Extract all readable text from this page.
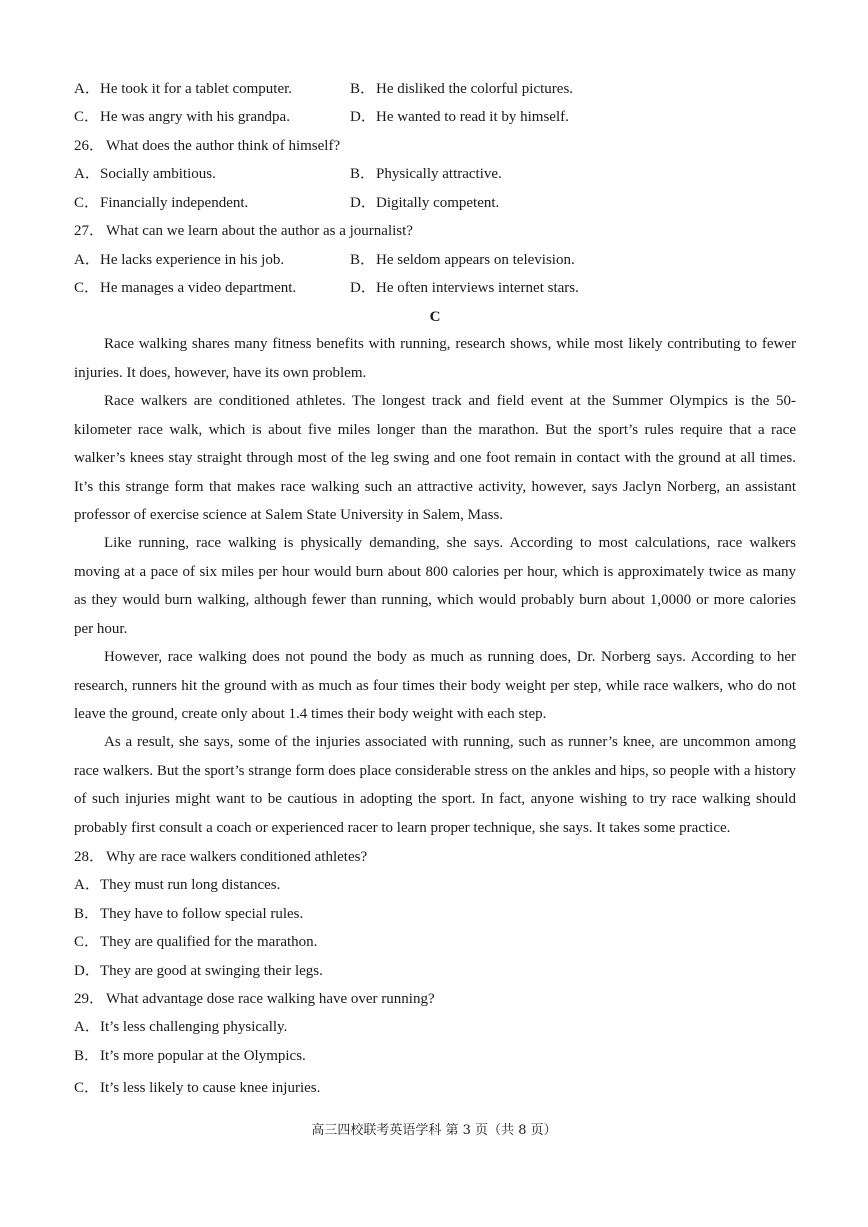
A．He took it for a tablet computer.	B．He disliked the colorful pictures.
C．He was angry with his grandpa.	D．He wanted to read it by himself.
26． What does the author think of himself?
A．Socially ambitious.	B．Physically attractive.
C．Financially independent.	D．Digitally competent.
27． What can we learn about the author as a journalist?
A．He lacks experience in his job.	B．He seldom appears on television.
C．He manages a video department.	D．He often interviews internet stars.
C
Race walking shares many fitness benefits with running, research shows, while most likely contributing to fewer injuries. It does, however, have its own problem.
Race walkers are conditioned athletes. The longest track and field event at the Summer Olympics is the 50-kilometer race walk, which is about five miles longer than the marathon. But the sport’s rules require that a race walker’s knees stay straight through most of the leg swing and one foot remain in contact with the ground at all times. It’s this strange form that makes race walking such an attractive activity, however, says Jaclyn Norberg, an assistant professor of exercise science at Salem State University in Salem, Mass.
Like running, race walking is physically demanding, she says. According to most calculations, race walkers moving at a pace of six miles per hour would burn about 800 calories per hour, which is approximately twice as many as they would burn walking, although fewer than running, which would probably burn about 1,0000 or more calories per hour.
However, race walking does not pound the body as much as running does, Dr. Norberg says. According to her research, runners hit the ground with as much as four times their body weight per step, while race walkers, who do not leave the ground, create only about 1.4 times their body weight with each step.
As a result, she says, some of the injuries associated with running, such as runner’s knee, are uncommon among race walkers. But the sport’s strange form does place considerable stress on the ankles and hips, so people with a history of such injuries might want to be cautious in adopting the sport. In fact, anyone wishing to try race walking should probably first consult a coach or experienced racer to learn proper technique, she says. It takes some practice.
28． Why are race walkers conditioned athletes?
A．They must run long distances.
B．They have to follow special rules.
C．They are qualified for the marathon.
D．They are good at swinging their legs.
29． What advantage dose race walking have over running?
A．It’s less challenging physically.
B．It’s more popular at the Olympics.
C．It’s less likely to cause knee injuries.
高三四校联考英语学科 第 3 页（共 8 页）
